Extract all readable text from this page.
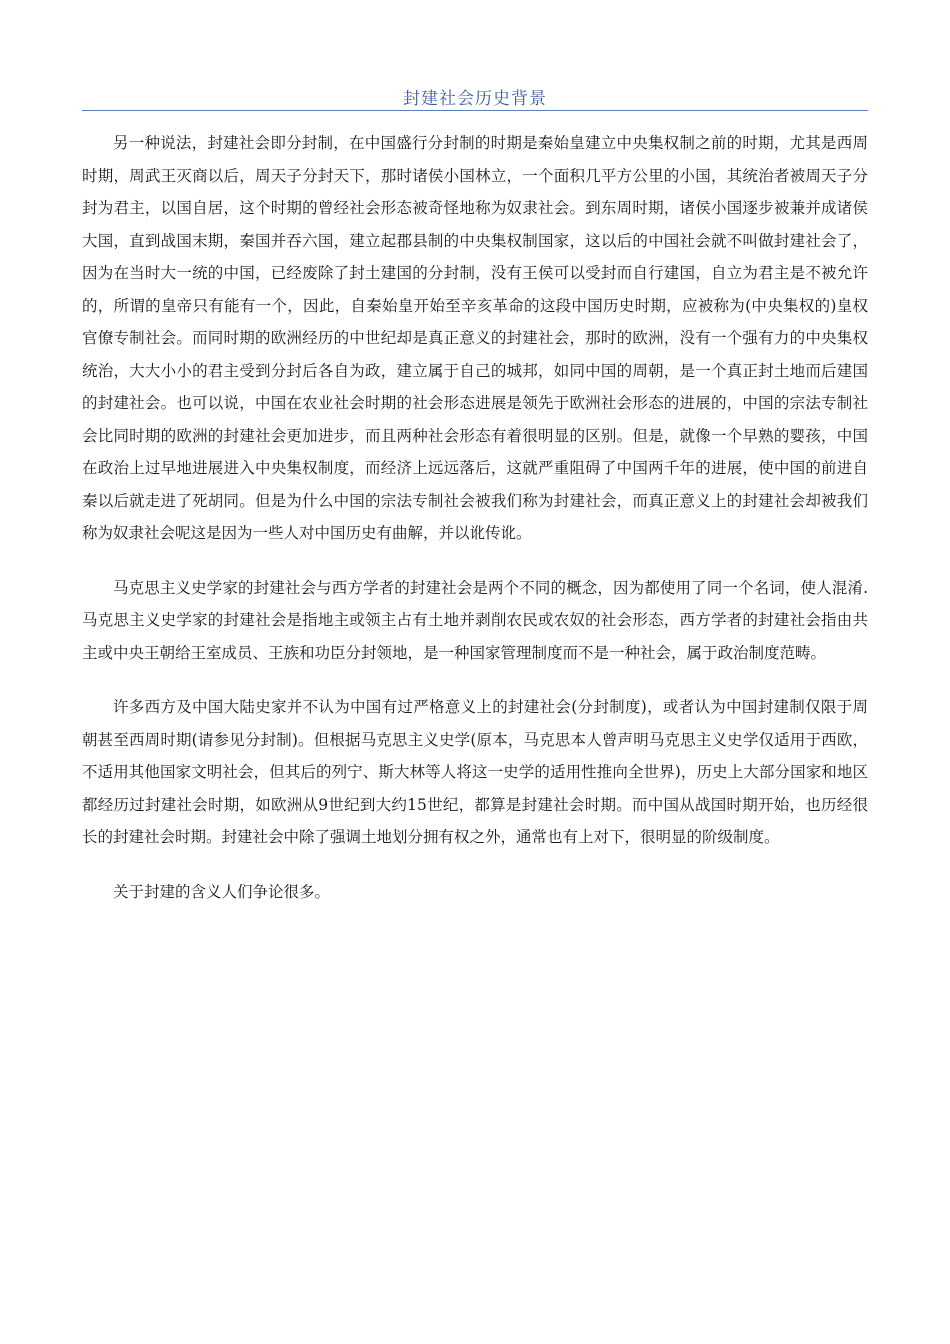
封建社会历史背景

另一种说法，封建社会即分封制，在中国盛行分封制的时期是秦始皇建立中央集权制之前的时期，尤其是西周时期，周武王灭商以后，周天子分封天下，那时诸侯小国林立，一个面积几平方公里的小国，其统治者被周天子分封为君主，以国自居，这个时期的曾经社会形态被奇怪地称为奴隶社会。到东周时期，诸侯小国逐步被兼并成诸侯大国，直到战国末期，秦国并吞六国，建立起郡县制的中央集权制国家，这以后的中国社会就不叫做封建社会了，因为在当时大一统的中国，已经废除了封土建国的分封制，没有王侯可以受封而自行建国，自立为君主是不被允许的，所谓的皇帝只有能有一个，因此，自秦始皇开始至辛亥革命的这段中国历史时期，应被称为(中央集权的)皇权官僚专制社会。而同时期的欧洲经历的中世纪却是真正意义的封建社会，那时的欧洲，没有一个强有力的中央集权统治，大大小小的君主受到分封后各自为政，建立属于自己的城邦，如同中国的周朝，是一个真正封土地而后建国的封建社会。也可以说，中国在农业社会时期的社会形态进展是领先于欧洲社会形态的进展的，中国的宗法专制社会比同时期的欧洲的封建社会更加进步，而且两种社会形态有着很明显的区别。但是，就像一个早熟的婴孩，中国在政治上过早地进展进入中央集权制度，而经济上远远落后，这就严重阻碍了中国两千年的进展，使中国的前进自秦以后就走进了死胡同。但是为什么中国的宗法专制社会被我们称为封建社会，而真正意义上的封建社会却被我们称为奴隶社会呢这是因为一些人对中国历史有曲解，并以讹传讹。

马克思主义史学家的封建社会与西方学者的封建社会是两个不同的概念，因为都使用了同一个名词，使人混淆.马克思主义史学家的封建社会是指地主或领主占有土地并剥削农民或农奴的社会形态，西方学者的封建社会指由共主或中央王朝给王室成员、王族和功臣分封领地，是一种国家管理制度而不是一种社会，属于政治制度范畴。

许多西方及中国大陆史家并不认为中国有过严格意义上的封建社会(分封制度)，或者认为中国封建制仅限于周朝甚至西周时期(请参见分封制)。但根据马克思主义史学(原本，马克思本人曾声明马克思主义史学仅适用于西欧，不适用其他国家文明社会，但其后的列宁、斯大林等人将这一史学的适用性推向全世界)，历史上大部分国家和地区都经历过封建社会时期，如欧洲从9世纪到大约15世纪，都算是封建社会时期。而中国从战国时期开始，也历经很长的封建社会时期。封建社会中除了强调土地划分拥有权之外，通常也有上对下，很明显的阶级制度。

关于封建的含义人们争论很多。
